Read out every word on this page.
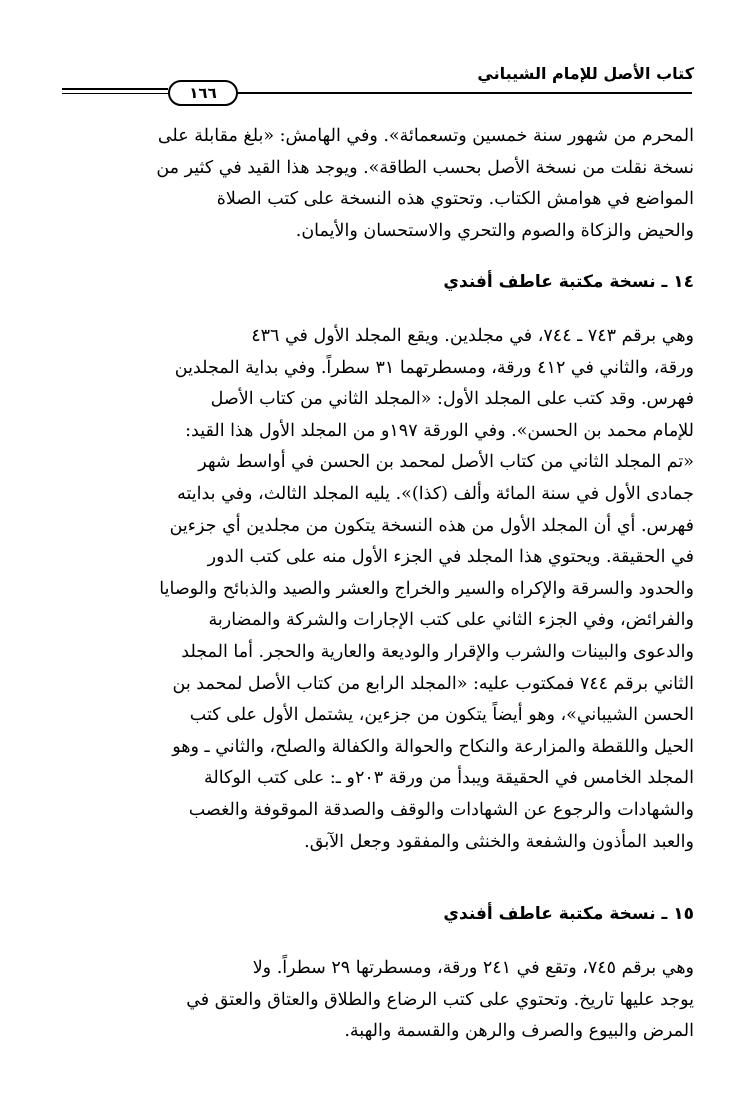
كتاب الأصل للإمام الشيباني
١٦٦
المحرم من شهور سنة خمسين وتسعمائة». وفي الهامش: «بلغ مقابلة على
نسخة نقلت من نسخة الأصل بحسب الطاقة». ويوجد هذا القيد في كثير من
المواضع في هوامش الكتاب. وتحتوي هذه النسخة على كتب الصلاة
والحيض والزكاة والصوم والتحري والاستحسان والأيمان.
١٤ ـ نسخة مكتبة عاطف أفندي
وهي برقم ٧٤٣ ـ ٧٤٤، في مجلدين. ويقع المجلد الأول في ٤٣٦
ورقة، والثاني في ٤١٢ ورقة، ومسطرتهما ٣١ سطراً. وفي بداية المجلدين
فهرس. وقد كتب على المجلد الأول: «المجلد الثاني من كتاب الأصل
للإمام محمد بن الحسن». وفي الورقة ١٩٧و من المجلد الأول هذا القيد:
«تم المجلد الثاني من كتاب الأصل لمحمد بن الحسن في أواسط شهر
جمادى الأول في سنة المائة وألف (كذا)». يليه المجلد الثالث، وفي بدايته
فهرس. أي أن المجلد الأول من هذه النسخة يتكون من مجلدين أي جزءين
في الحقيقة. ويحتوي هذا المجلد في الجزء الأول منه على كتب الدور
والحدود والسرقة والإكراه والسير والخراج والعشر والصيد والذبائح والوصايا
والفرائض، وفي الجزء الثاني على كتب الإجارات والشركة والمضاربة
والدعوى والبينات والشرب والإقرار والوديعة والعارية والحجر. أما المجلد
الثاني برقم ٧٤٤ فمكتوب عليه: «المجلد الرابع من كتاب الأصل لمحمد بن
الحسن الشيباني»، وهو أيضاً يتكون من جزءين، يشتمل الأول على كتب
الحيل واللقطة والمزارعة والنكاح والحوالة والكفالة والصلح، والثاني ـ وهو
المجلد الخامس في الحقيقة ويبدأ من ورقة ٢٠٣و ـ: على كتب الوكالة
والشهادات والرجوع عن الشهادات والوقف والصدقة الموقوفة والغصب
والعبد المأذون والشفعة والخنثى والمفقود وجعل الآبق.
١٥ ـ نسخة مكتبة عاطف أفندي
وهي برقم ٧٤٥، وتقع في ٢٤١ ورقة، ومسطرتها ٢٩ سطراً. ولا
يوجد عليها تاريخ. وتحتوي على كتب الرضاع والطلاق والعتاق والعتق في
المرض والبيوع والصرف والرهن والقسمة والهبة.
